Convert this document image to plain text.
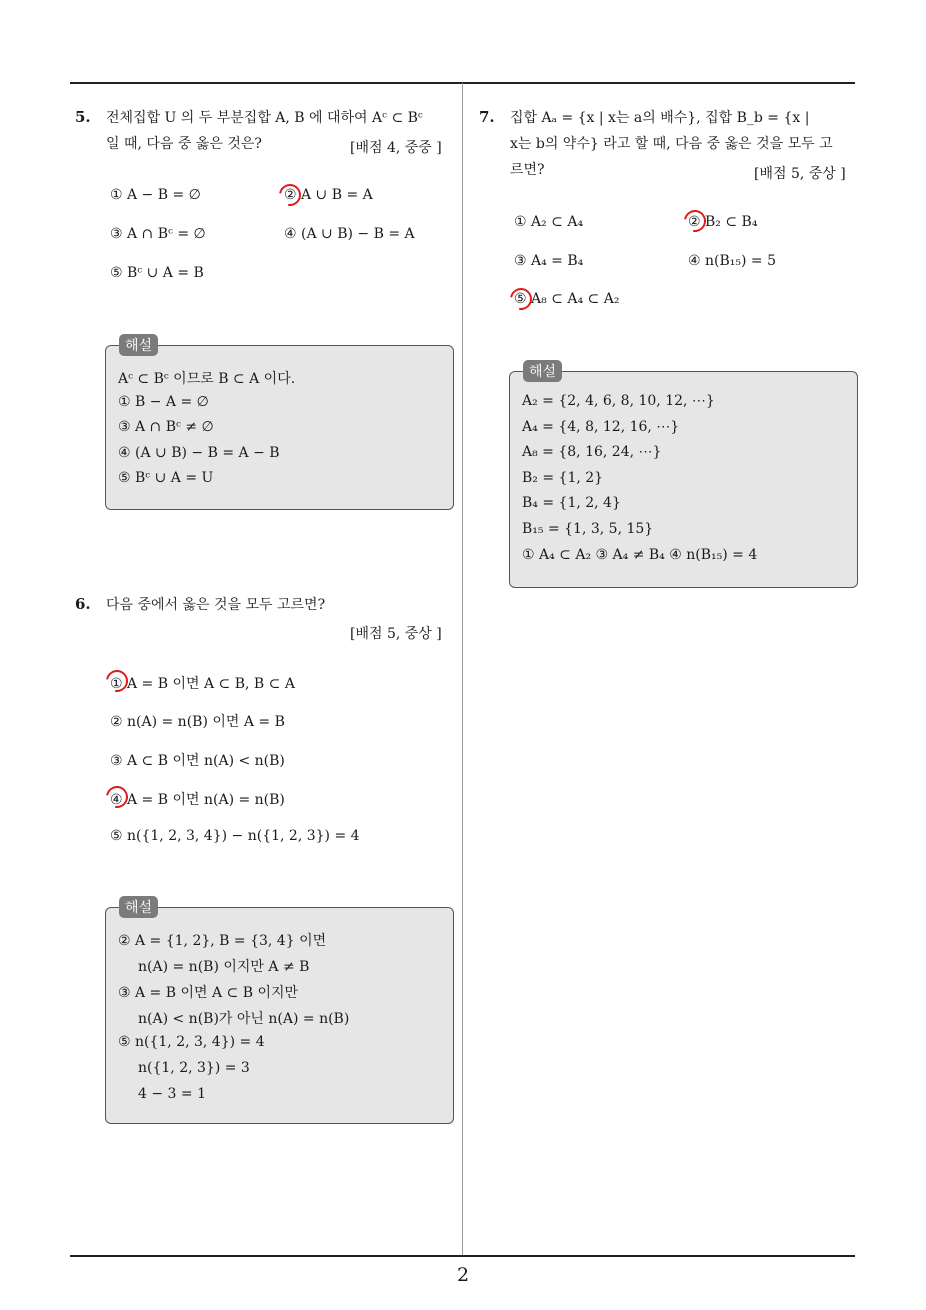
2
5. 전체집합 U 의 두 부분집합 A, B 에 대하여 Aᶜ ⊂ Bᶜ
일 때, 다음 중 옳은 것은?	[배점 4, 중중 ]
① A − B = ∅	② A ∪ B = A
③ A ∩ Bᶜ = ∅	④ (A ∪ B) − B = A
⑤ Bᶜ ∪ A = B
Aᶜ ⊂ Bᶜ 이므로 B ⊂ A 이다.
① B − A = ∅
③ A ∩ Bᶜ ≠ ∅
④ (A ∪ B) − B = A − B
⑤ Bᶜ ∪ A = U
해설
6. 다음 중에서 옳은 것을 모두 고르면?
[배점 5, 중상 ]
① A = B 이면 A ⊂ B, B ⊂ A
② n(A) = n(B) 이면 A = B
③ A ⊂ B 이면 n(A) < n(B)
④ A = B 이면 n(A) = n(B)
⑤ n({1, 2, 3, 4}) − n({1, 2, 3}) = 4
② A = {1, 2}, B = {3, 4} 이면
n(A) = n(B) 이지만 A ≠ B
③ A = B 이면 A ⊂ B 이지만
n(A) < n(B)가 아닌 n(A) = n(B)
⑤ n({1, 2, 3, 4}) = 4
n({1, 2, 3}) = 3
4 − 3 = 1
해설
7. 집합 Aₐ = {x | x는 a의 배수}, 집합 B_b = {x |
x는 b의 약수} 라고 할 때, 다음 중 옳은 것을 모두 고
르면?	[배점 5, 중상 ]
① A₂ ⊂ A₄	② B₂ ⊂ B₄
③ A₄ = B₄	④ n(B₁₅) = 5
⑤ A₈ ⊂ A₄ ⊂ A₂
A₂ = {2, 4, 6, 8, 10, 12, ⋯}
A₄ = {4, 8, 12, 16, ⋯}
A₈ = {8, 16, 24, ⋯}
B₂ = {1, 2}
B₄ = {1, 2, 4}
B₁₅ = {1, 3, 5, 15}
① A₄ ⊂ A₂ ③ A₄ ≠ B₄ ④ n(B₁₅) = 4
해설
